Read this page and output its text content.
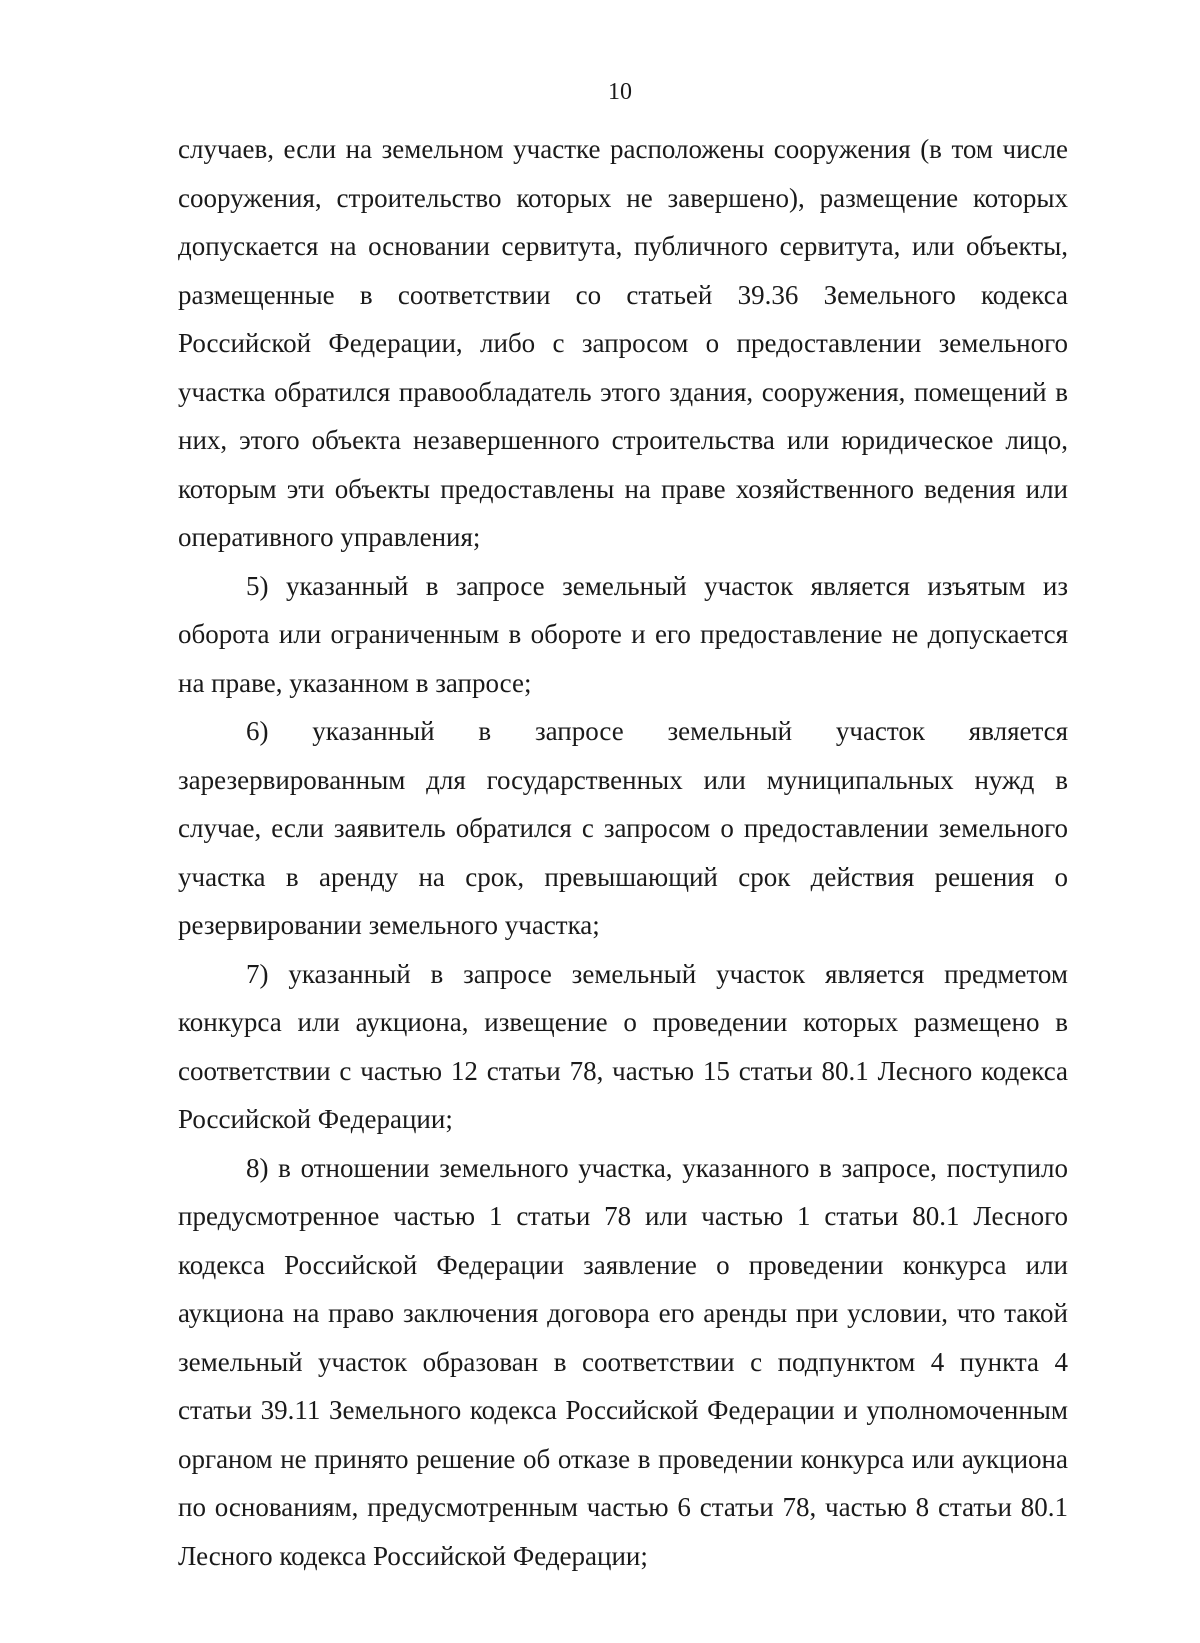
10

случаев, если на земельном участке расположены сооружения (в том числе сооружения, строительство которых не завершено), размещение которых допускается на основании сервитута, публичного сервитута, или объекты, размещенные в соответствии со статьей 39.36 Земельного кодекса Российской Федерации, либо с запросом о предоставлении земельного участка обратился правообладатель этого здания, сооружения, помещений в них, этого объекта незавершенного строительства или юридическое лицо, которым эти объекты предоставлены на праве хозяйственного ведения или оперативного управления;

5) указанный в запросе земельный участок является изъятым из оборота или ограниченным в обороте и его предоставление не допускается на праве, указанном в запросе;

6) указанный в запросе земельный участок является зарезервированным для государственных или муниципальных нужд в случае, если заявитель обратился с запросом о предоставлении земельного участка в аренду на срок, превышающий срок действия решения о резервировании земельного участка;

7) указанный в запросе земельный участок является предметом конкурса или аукциона, извещение о проведении которых размещено в соответствии с частью 12 статьи 78, частью 15 статьи 80.1 Лесного кодекса Российской Федерации;

8) в отношении земельного участка, указанного в запросе, поступило предусмотренное частью 1 статьи 78 или частью 1 статьи 80.1 Лесного кодекса Российской Федерации заявление о проведении конкурса или аукциона на право заключения договора его аренды при условии, что такой земельный участок образован в соответствии с подпунктом 4 пункта 4 статьи 39.11 Земельного кодекса Российской Федерации и уполномоченным органом не принято решение об отказе в проведении конкурса или аукциона по основаниям, предусмотренным частью 6 статьи 78, частью 8 статьи 80.1 Лесного кодекса Российской Федерации;
